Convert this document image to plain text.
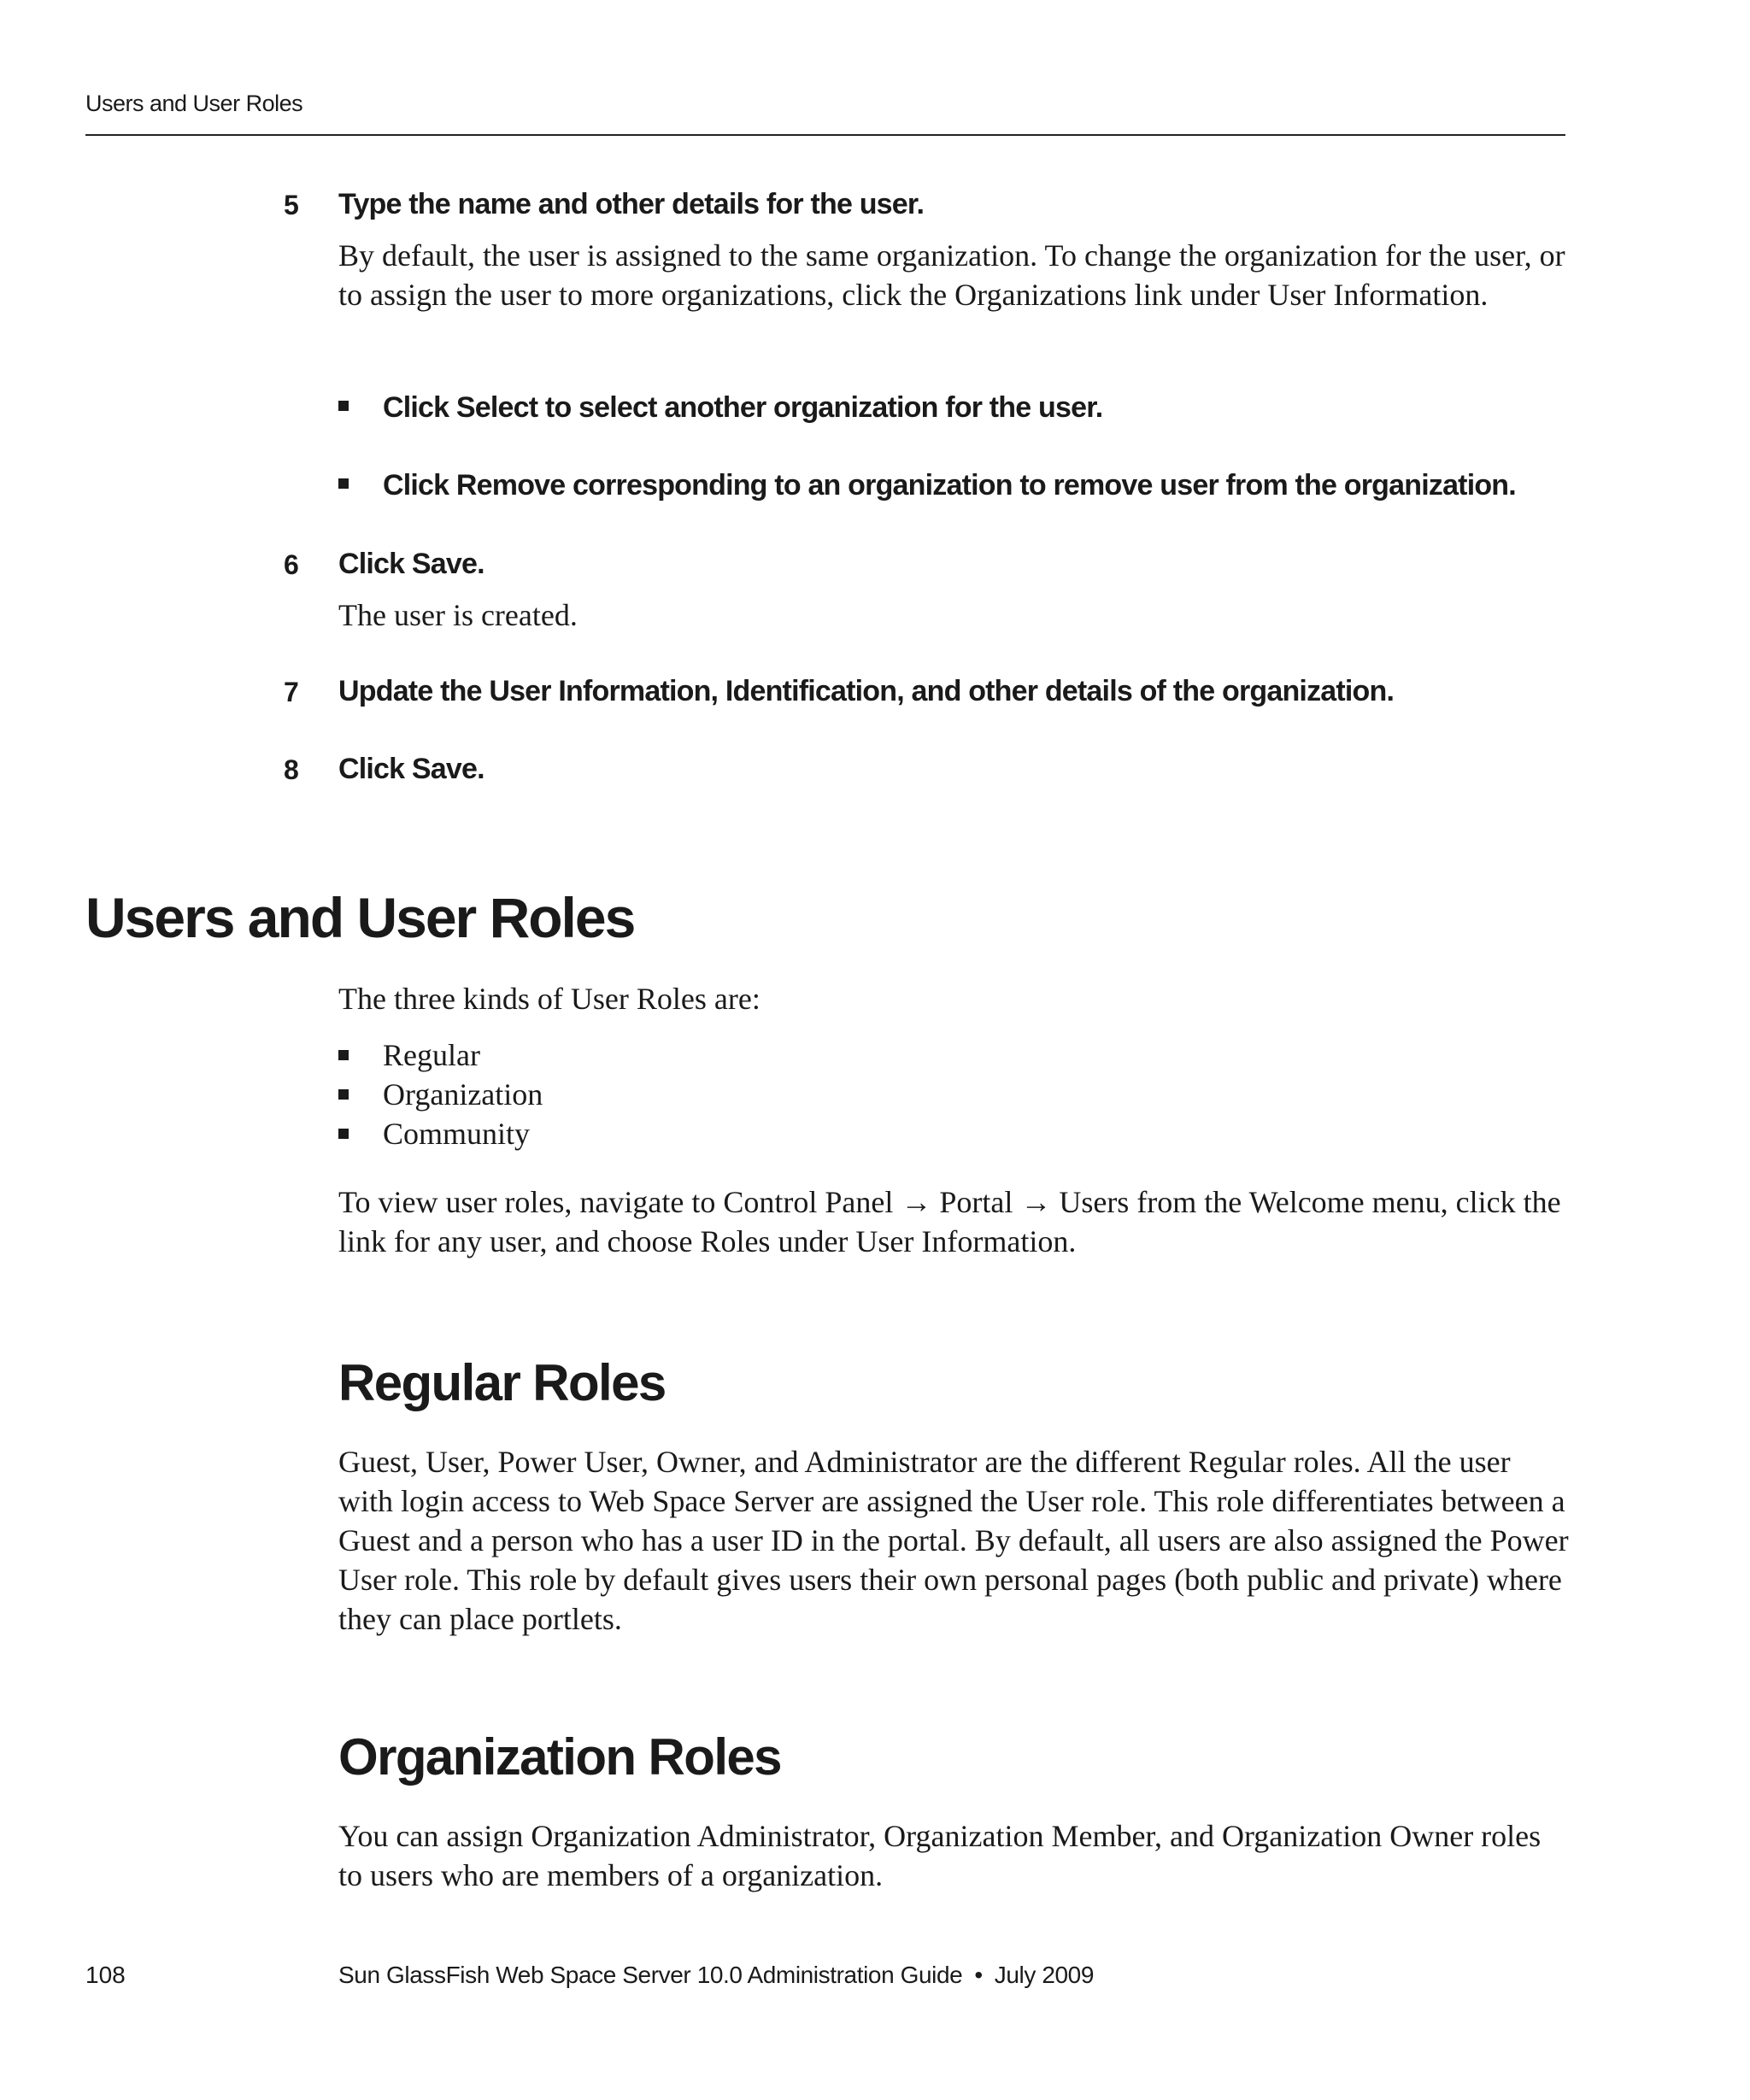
Users and User Roles
5 Type the name and other details for the user.
By default, the user is assigned to the same organization. To change the organization for the user, or to assign the user to more organizations, click the Organizations link under User Information.
Click Select to select another organization for the user.
Click Remove corresponding to an organization to remove user from the organization.
6 Click Save.
The user is created.
7 Update the User Information, Identification, and other details of the organization.
8 Click Save.
Users and User Roles
The three kinds of User Roles are:
Regular
Organization
Community
To view user roles, navigate to Control Panel → Portal → Users from the Welcome menu, click the link for any user, and choose Roles under User Information.
Regular Roles
Guest, User, Power User, Owner, and Administrator are the different Regular roles. All the user with login access to Web Space Server are assigned the User role. This role differentiates between a Guest and a person who has a user ID in the portal. By default, all users are also assigned the Power User role. This role by default gives users their own personal pages (both public and private) where they can place portlets.
Organization Roles
You can assign Organization Administrator, Organization Member, and Organization Owner roles to users who are members of a organization.
108	Sun GlassFish Web Space Server 10.0 Administration Guide • July 2009
